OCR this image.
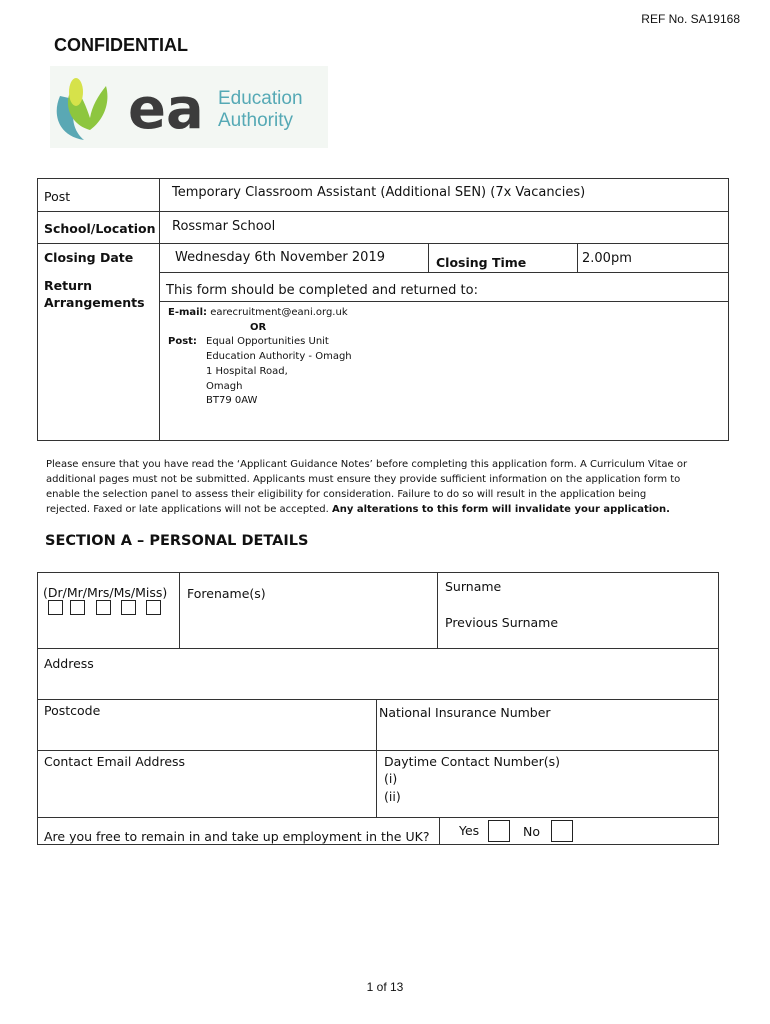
REF No. SA19168
CONFIDENTIAL
ea Education
Authority
Post	Temporary Classroom Assistant (Additional SEN) (7x Vacancies)
School/Location Rossmar School
Closing Date	Wednesday 6th November 2019	Closing Time	2.00pm
Return
Arrangements
This form should be completed and returned to:
E-mail: earecruitment@eani.org.uk
OR
Post: Equal Opportunities Unit
Education Authority - Omagh
1 Hospital Road,
Omagh
BT79 0AW
Please ensure that you have read the ‘Applicant Guidance Notes’ before completing this application form. A Curriculum Vitae or
additional pages must not be submitted. Applicants must ensure they provide sufficient information on the application form to
enable the selection panel to assess their eligibility for consideration. Failure to do so will result in the application being
rejected. Faxed or late applications will not be accepted. Any alterations to this form will invalidate your application.
SECTION A – PERSONAL DETAILS
(Dr/Mr/Mrs/Ms/Miss) Forename(s)	Surname
Previous Surname
Address
Postcode	National Insurance Number
Contact Email Address	Daytime Contact Number(s)
(i)
(ii)
Are you free to remain in and take up employment in the UK? Yes	No
1 of 13
